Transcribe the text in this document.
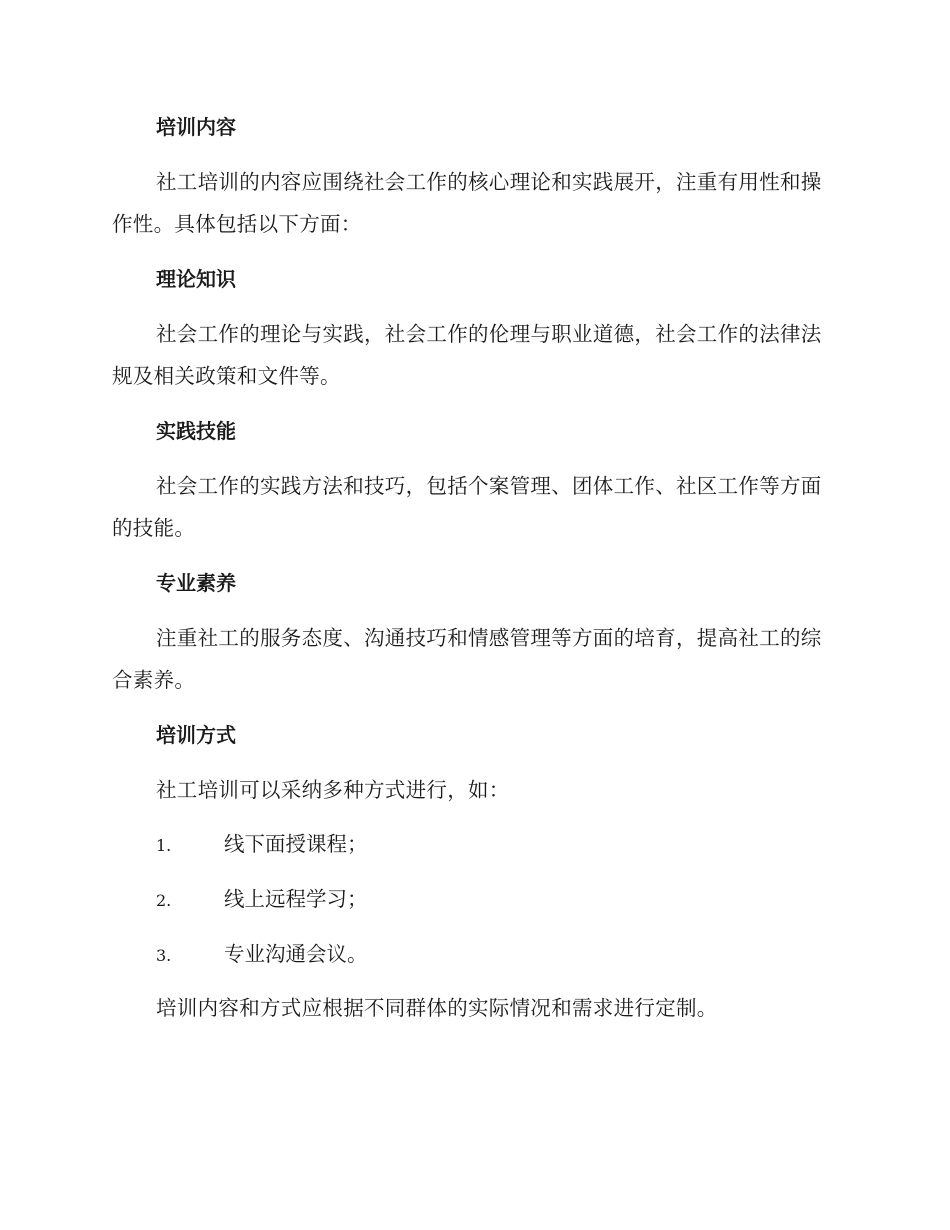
培训内容

社工培训的内容应围绕社会工作的核心理论和实践展开，注重有用性和操作性。具体包括以下方面：

理论知识

社会工作的理论与实践，社会工作的伦理与职业道德，社会工作的法律法规及相关政策和文件等。

实践技能

社会工作的实践方法和技巧，包括个案管理、团体工作、社区工作等方面的技能。

专业素养

注重社工的服务态度、沟通技巧和情感管理等方面的培育，提高社工的综合素养。

培训方式

社工培训可以采纳多种方式进行，如：

1.	线下面授课程；
2.	线上远程学习；
3.	专业沟通会议。

培训内容和方式应根据不同群体的实际情况和需求进行定制。
